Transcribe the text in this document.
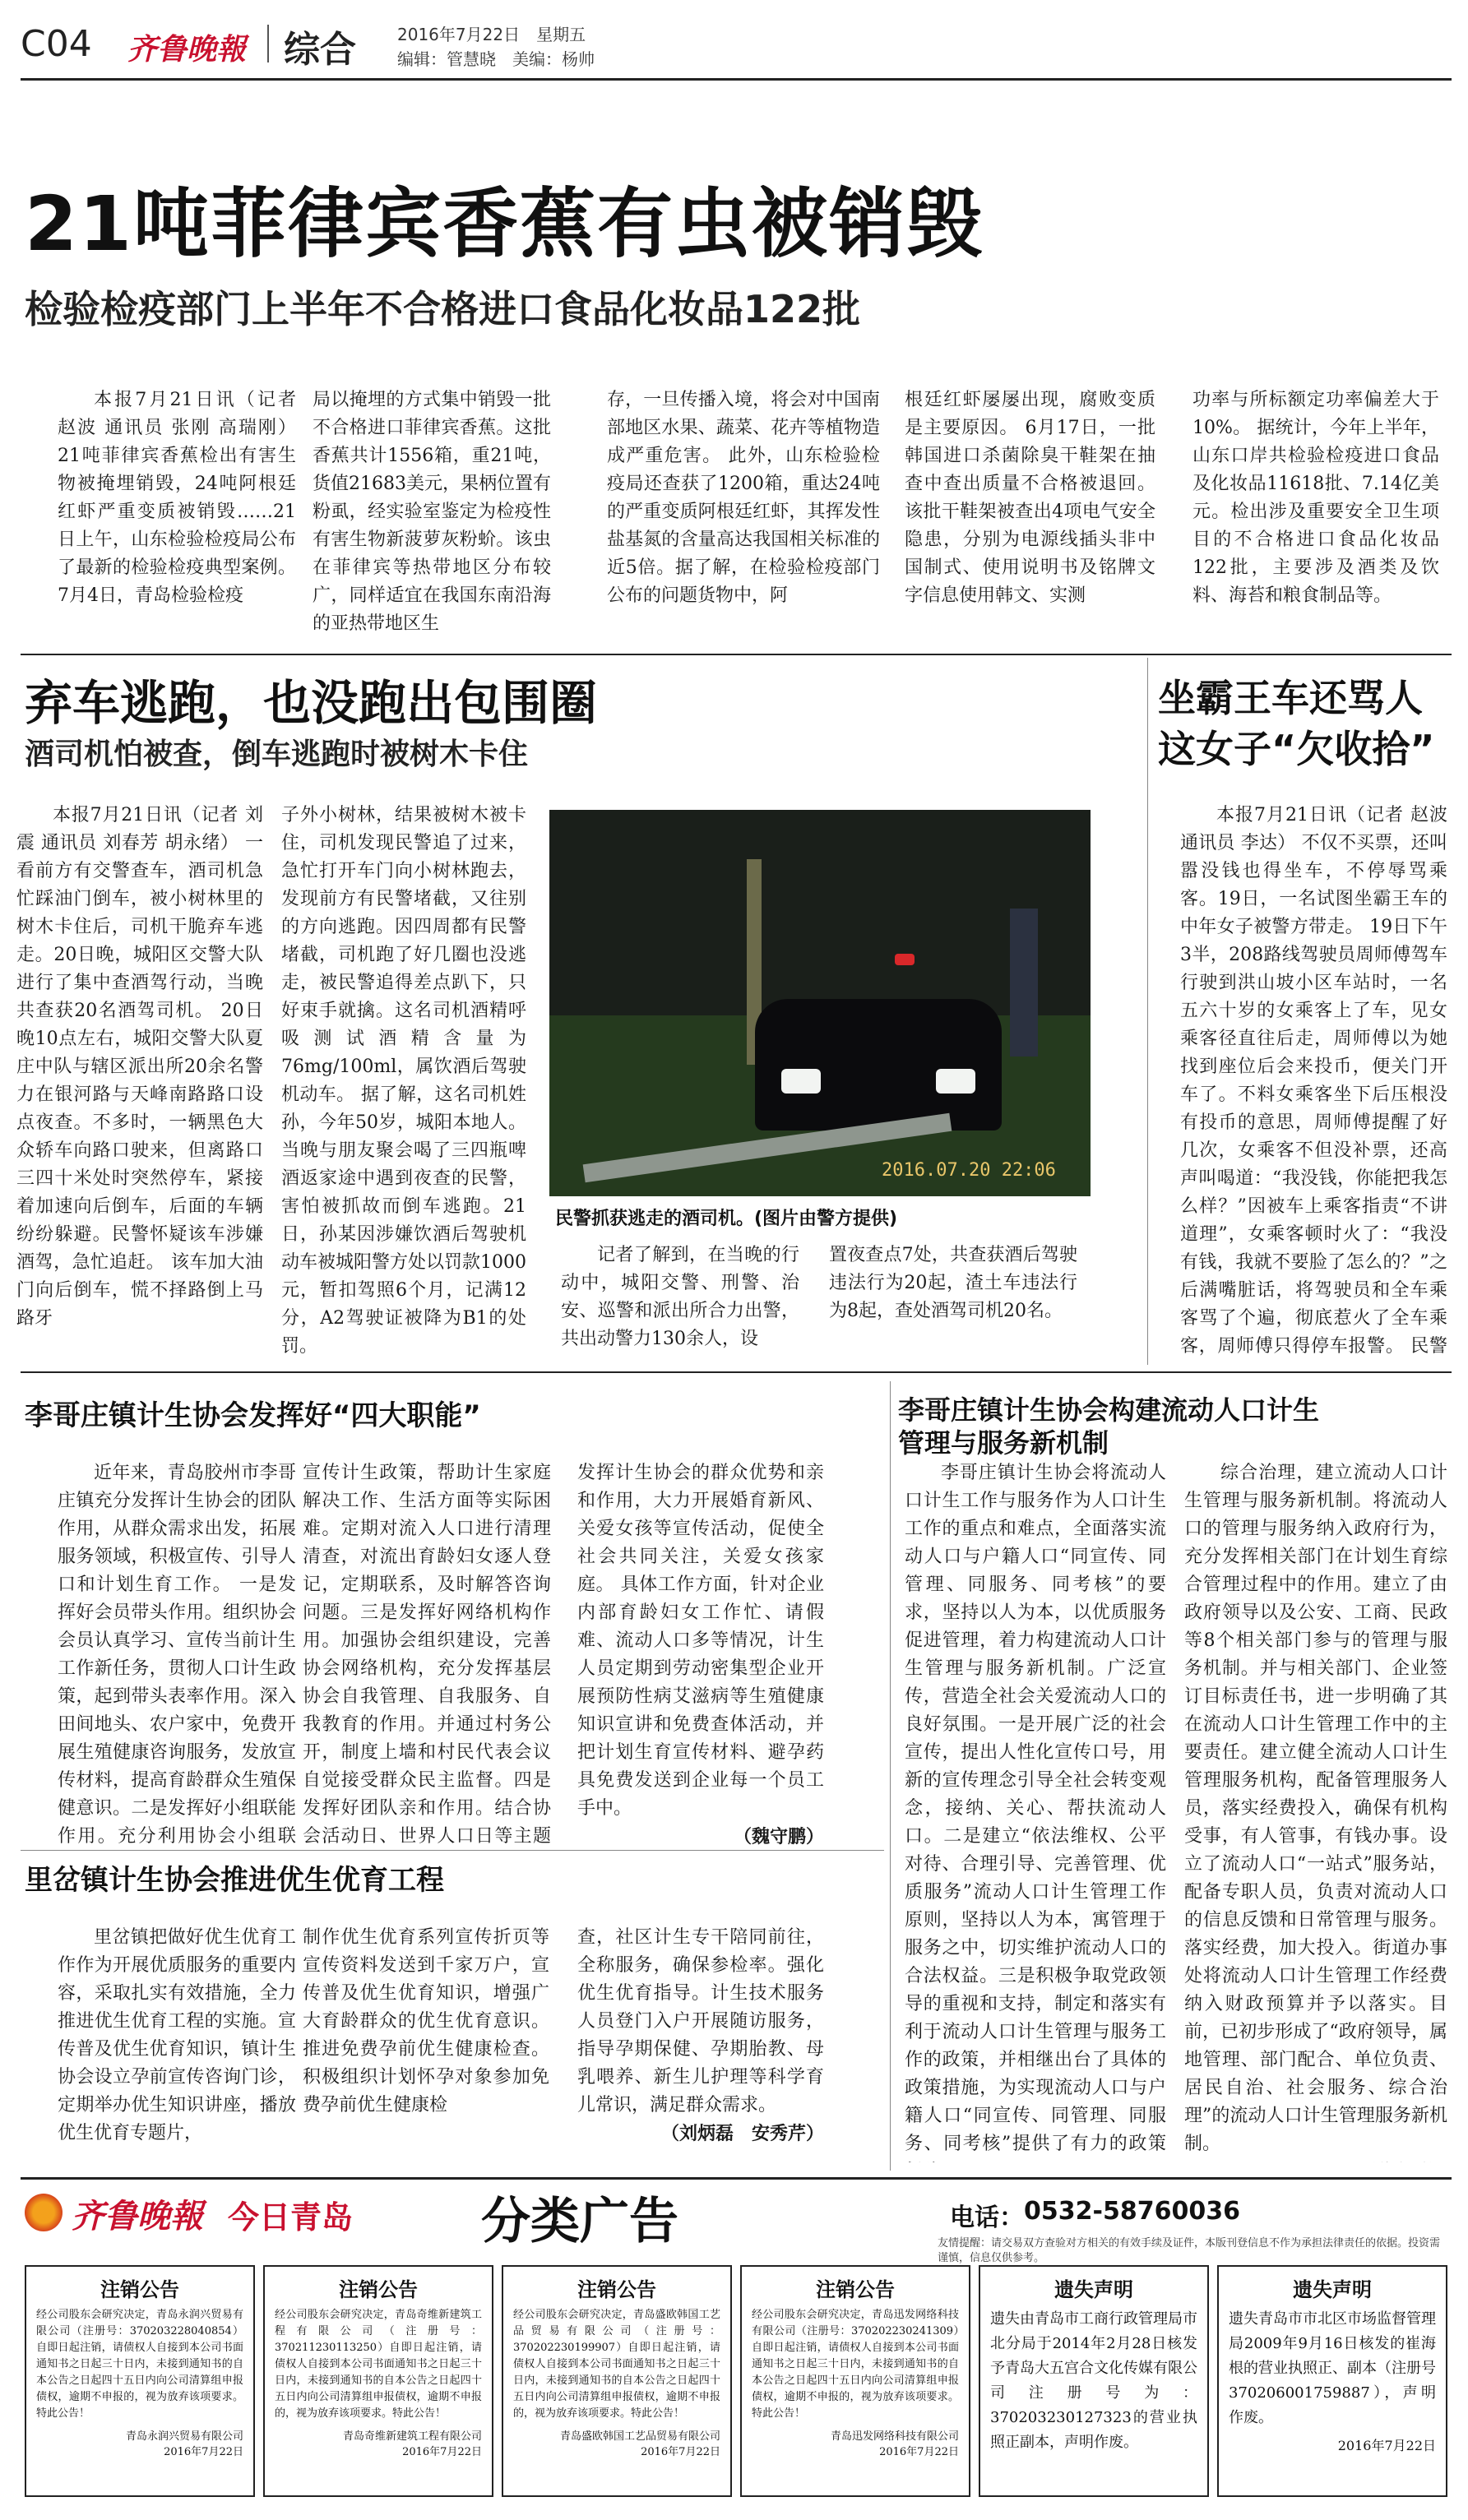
C04 齐鲁晚報 综合	2016年7月22日　星期五
编辑：管慧晓　美编：杨帅
21吨菲律宾香蕉有虫被销毁
检验检疫部门上半年不合格进口食品化妆品122批

本报7月21日讯（记者 赵波 通讯员 张刚 高瑞刚） 21吨菲律宾香蕉检出有害生物被掩埋销毁，24吨阿根廷红虾严重变质被销毁……21日上午，山东检验检疫局公布了最新的检验检疫典型案例。 7月4日，青岛检验检疫

局以掩埋的方式集中销毁一批不合格进口菲律宾香蕉。这批香蕉共计1556箱，重21吨，货值21683美元，果柄位置有粉虱，经实验室鉴定为检疫性有害生物新菠萝灰粉蚧。该虫在菲律宾等热带地区分布较广，同样适宜在我国东南沿海的亚热带地区生

存，一旦传播入境，将会对中国南部地区水果、蔬菜、花卉等植物造成严重危害。 此外，山东检验检疫局还查获了1200箱，重达24吨的严重变质阿根廷红虾，其挥发性盐基氮的含量高达我国相关标准的近5倍。据了解，在检验检疫部门公布的问题货物中，阿

根廷红虾屡屡出现，腐败变质是主要原因。 6月17日，一批韩国进口杀菌除臭干鞋架在抽查中查出质量不合格被退回。该批干鞋架被查出4项电气安全隐患，分别为电源线插头非中国制式、使用说明书及铭牌文字信息使用韩文、实测

功率与所标额定功率偏差大于10%。 据统计，今年上半年，山东口岸共检验检疫进口食品及化妆品11618批、7.14亿美元。检出涉及重要安全卫生项目的不合格进口食品化妆品122批，主要涉及酒类及饮料、海苔和粮食制品等。

弃车逃跑，也没跑出包围圈
酒司机怕被查，倒车逃跑时被树木卡住

本报7月21日讯（记者 刘震 通讯员 刘春芳 胡永绪） 一看前方有交警查车，酒司机急忙踩油门倒车，被小树林里的树木卡住后，司机干脆弃车逃走。20日晚，城阳区交警大队进行了集中查酒驾行动，当晚共查获20名酒驾司机。 20日晚10点左右，城阳交警大队夏庄中队与辖区派出所20余名警力在银河路与天峰南路路口设点夜查。不多时，一辆黑色大众轿车向路口驶来，但离路口三四十米处时突然停车，紧接着加速向后倒车，后面的车辆纷纷躲避。民警怀疑该车涉嫌酒驾，急忙追赶。 该车加大油门向后倒车，慌不择路倒上马路牙

子外小树林，结果被树木被卡住，司机发现民警追了过来，急忙打开车门向小树林跑去，发现前方有民警堵截，又往别的方向逃跑。因四周都有民警堵截，司机跑了好几圈也没逃走，被民警追得差点趴下，只好束手就擒。这名司机酒精呼吸测试酒精含量为76mg/100ml，属饮酒后驾驶机动车。 据了解，这名司机姓孙，今年50岁，城阳本地人。当晚与朋友聚会喝了三四瓶啤酒返家途中遇到夜查的民警，害怕被抓故而倒车逃跑。21日，孙某因涉嫌饮酒后驾驶机动车被城阳警方处以罚款1000元，暂扣驾照6个月，记满12分，A2驾驶证被降为B1的处罚。

2016.07.20 22:06
民警抓获逃走的酒司机。(图片由警方提供)

记者了解到，在当晚的行动中，城阳交警、刑警、治安、巡警和派出所合力出警，共出动警力130余人，设

置夜查点7处，共查获酒后驾驶违法行为20起，渣土车违法行为8起，查处酒驾司机20名。

坐霸王车还骂人这女子“欠收拾”

本报7月21日讯（记者 赵波 通讯员 李达） 不仅不买票，还叫嚣没钱也得坐车，不停辱骂乘客。19日，一名试图坐霸王车的中年女子被警方带走。 19日下午3半，208路线驾驶员周师傅驾车行驶到洪山坡小区车站时，一名五六十岁的女乘客上了车，见女乘客径直往后走，周师傅以为她找到座位后会来投币，便关门开车了。不料女乘客坐下后压根没有投币的意思，周师傅提醒了好几次，女乘客不但没补票，还高声叫喝道：“我没钱，你能把我怎么样？”因被车上乘客指责“不讲道理”，女乘客顿时火了：“我没有钱，我就不要脸了怎么的？”之后满嘴脏话，将驾驶员和全车乘客骂了个遍，彻底惹火了全车乘客，周师傅只得停车报警。 民警

李哥庄镇计生协会发挥好“四大职能”

近年来，青岛胶州市李哥庄镇充分发挥计生协会的团队作用，从群众需求出发，拓展服务领域，积极宣传、引导人口和计划生育工作。 一是发挥好会员带头作用。组织协会会员认真学习、宣传当前计生工作新任务，贯彻人口计生政策，起到带头表率作用。深入田间地头、农户家中，免费开展生殖健康咨询服务，发放宣传材料，提高育龄群众生殖保健意识。二是发挥好小组联能作用。充分利用协会小组联

宣传计生政策，帮助计生家庭解决工作、生活方面等实际困难。定期对流入人口进行清理清查，对流出育龄妇女逐人登记，定期联系，及时解答咨询问题。三是发挥好网络机构作用。加强协会组织建设，完善协会网络机构，充分发挥基层协会自我管理、自我服务、自我教育的作用。并通过村务公开，制度上墙和村民代表会议自觉接受群众民主监督。四是发挥好团队亲和作用。结合协会活动日、世界人口日等主题

发挥计生协会的群众优势和亲和作用，大力开展婚育新风、关爱女孩等宣传活动，促使全社会共同关注，关爱女孩家庭。 具体工作方面，针对企业内部育龄妇女工作忙、请假难、流动人口多等情况，计生人员定期到劳动密集型企业开展预防性病艾滋病等生殖健康知识宣讲和免费查体活动，并把计划生育宣传材料、避孕药具免费发送到企业每一个员工手中。

（魏守鹏）
李哥庄镇计生协会构建流动人口计生管理与服务新机制

李哥庄镇计生协会将流动人口计生工作与服务作为人口计生工作的重点和难点，全面落实流动人口与户籍人口“同宣传、同管理、同服务、同考核”的要求，坚持以人为本，以优质服务促进管理，着力构建流动人口计生管理与服务新机制。广泛宣传，营造全社会关爱流动人口的良好氛围。一是开展广泛的社会宣传，提出人性化宣传口号，用新的宣传理念引导全社会转变观念，接纳、关心、帮扶流动人口。二是建立“依法维权、公平对待、合理引导、完善管理、优质服务”流动人口计生管理工作原则，坚持以人为本，寓管理于服务之中，切实维护流动人口的合法权益。三是积极争取党政领导的重视和支持，制定和落实有利于流动人口计生管理与服务工作的政策，并相继出台了具体的政策措施，为实现流动人口与户籍人口“同宣传、同管理、同服务、同考核”提供了有力的政策

综合治理，建立流动人口计生管理与服务新机制。将流动人口的管理与服务纳入政府行为，充分发挥相关部门在计划生育综合管理过程中的作用。建立了由政府领导以及公安、工商、民政等8个相关部门参与的管理与服务机制。并与相关部门、企业签订目标责任书，进一步明确了其在流动人口计生管理工作中的主要责任。建立健全流动人口计生管理服务机构，配备管理服务人员，落实经费投入，确保有机构受事，有人管事，有钱办事。设立了流动人口“一站式”服务站，配备专职人员，负责对流动人口的信息反馈和日常管理与服务。落实经费，加大投入。街道办事处将流动人口计生管理工作经费纳入财政预算并予以落实。目前，已初步形成了“政府领导，属地管理、部门配合、单位负责、居民自治、社会服务、综合治理”的流动人口计生管理服务新机制。

里岔镇计生协会推进优生优育工程

里岔镇把做好优生优育工作作为开展优质服务的重要内容，采取扎实有效措施，全力推进优生优育工程的实施。宣传普及优生优育知识，镇计生协会设立孕前宣传咨询门诊，定期举办优生知识讲座，播放优生优育专题片，

制作优生优育系列宣传折页等宣传资料发送到千家万户，宣传普及优生优育知识，增强广大育龄群众的优生优育意识。 推进免费孕前优生健康检查。积极组织计划怀孕对象参加免费孕前优生健康检

查，社区计生专干陪同前往，全称服务，确保参检率。强化优生优育指导。计生技术服务人员登门入户开展随访服务，指导孕期保健、孕期胎教、母乳喂养、新生儿护理等科学育儿常识，满足群众需求。

（刘炳磊　安秀芹）
齐鲁晚報 今日青岛	分类广告	电话： 0532-58760036
友情提醒：请交易双方查验对方相关的有效手续及证件，本版刊登信息不作为承担法律责任的依据。投资需谨慎，信息仅供参考。
注销公告
经公司股东会研究决定，青岛永润兴贸易有限公司（注册号：370203228040854）自即日起注销，请债权人自接到本公司书面通知书之日起三十日内，未接到通知书的自本公告之日起四十五日内向公司清算组申报债权，逾期不申报的，视为放弃该项要求。特此公告！
青岛永润兴贸易有限公司
2016年7月22日
注销公告
经公司股东会研究决定，青岛奇维新建筑工程有限公司（注册号：370211230113250）自即日起注销，请债权人自接到本公司书面通知书之日起三十日内，未接到通知书的自本公告之日起四十五日内向公司清算组申报债权，逾期不申报的，视为放弃该项要求。特此公告！
青岛奇维新建筑工程有限公司
2016年7月22日
注销公告
经公司股东会研究决定，青岛盛欧韩国工艺品贸易有限公司（注册号：370202230199907）自即日起注销，请债权人自接到本公司书面通知书之日起三十日内，未接到通知书的自本公告之日起四十五日内向公司清算组申报债权，逾期不申报的，视为放弃该项要求。特此公告！
青岛盛欧韩国工艺品贸易有限公司
2016年7月22日
注销公告
经公司股东会研究决定，青岛迅发网络科技有限公司（注册号：370202230241309）自即日起注销，请债权人自接到本公司书面通知书之日起三十日内，未接到通知书的自本公告之日起四十五日内向公司清算组申报债权，逾期不申报的，视为放弃该项要求。特此公告！
青岛迅发网络科技有限公司
2016年7月22日
遗失声明
遗失由青岛市工商行政管理局市北分局于2014年2月28日核发予青岛大五宫合文化传媒有限公司注册号为：370203230127323的营业执照正副本，声明作废。
遗失声明
遗失青岛市市北区市场监督管理局2009年9月16日核发的崔海根的营业执照正、副本（注册号370206001759887），声明作废。
2016年7月22日
